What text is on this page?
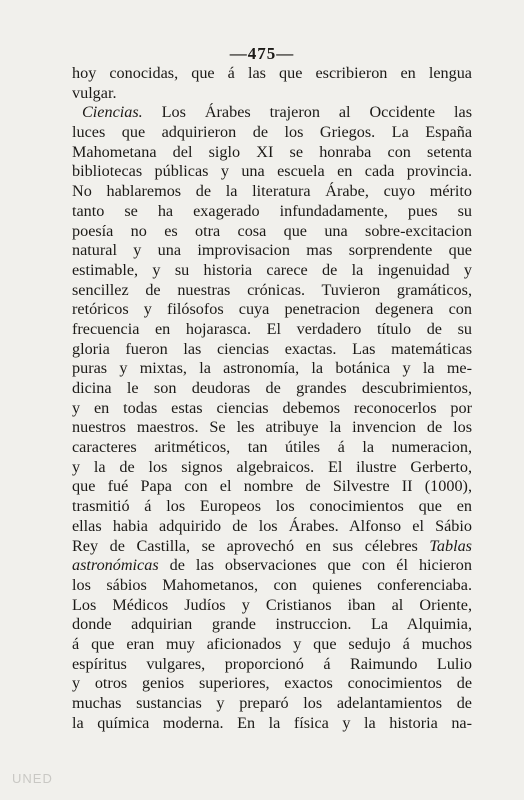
—475—
hoy conocidas, que á las que escribieron en lengua
vulgar.
Ciencias. Los Árabes trajeron al Occidente las
luces que adquirieron de los Griegos. La España
Mahometana del siglo XI se honraba con setenta
bibliotecas públicas y una escuela en cada provincia.
No hablaremos de la literatura Árabe, cuyo mérito
tanto se ha exagerado infundadamente, pues su
poesía no es otra cosa que una sobre-excitacion
natural y una improvisacion mas sorprendente que
estimable, y su historia carece de la ingenuidad y
sencillez de nuestras crónicas. Tuvieron gramáticos,
retóricos y filósofos cuya penetracion degenera con
frecuencia en hojarasca. El verdadero título de su
gloria fueron las ciencias exactas. Las matemáticas
puras y mixtas, la astronomía, la botánica y la me-
dicina le son deudoras de grandes descubrimientos,
y en todas estas ciencias debemos reconocerlos por
nuestros maestros. Se les atribuye la invencion de los
caracteres aritméticos, tan útiles á la numeracion,
y la de los signos algebraicos. El ilustre Gerberto,
que fué Papa con el nombre de Silvestre II (1000),
trasmitió á los Europeos los conocimientos que en
ellas habia adquirido de los Árabes. Alfonso el Sábio
Rey de Castilla, se aprovechó en sus célebres Tablas
astronómicas de las observaciones que con él hicieron
los sábios Mahometanos, con quienes conferenciaba.
Los Médicos Judíos y Cristianos iban al Oriente,
donde adquirian grande instruccion. La Alquimia,
á que eran muy aficionados y que sedujo á muchos
espíritus vulgares, proporcionó á Raimundo Lulio
y otros genios superiores, exactos conocimientos de
muchas sustancias y preparó los adelantamientos de
la química moderna. En la física y la historia na-
UNED
